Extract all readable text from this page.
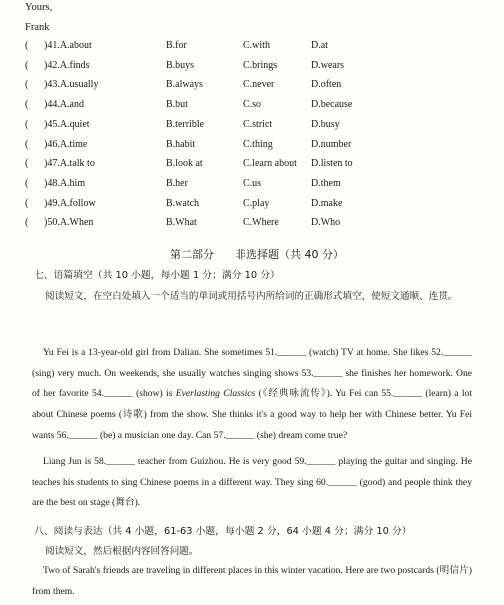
Yours,
Frank
( )41.A.about	B.for	C.with	D.at
( )42.A.finds	B.buys	C.brings	D.wears
( )43.A.usually	B.always	C.never	D.often
( )44.A.and	B.but	C.so	D.because
( )45.A.quiet	B.terrible	C.strict	D.busy
( )46.A.time	B.habit	C.thing	D.number
( )47.A.talk to	B.look at	C.learn about D.listen to
( )48.A.him	B.her	C.us	D.them
( )49.A.follow	B.watch	C.play	D.make
( )50.A.When	B.What	C.Where	D.Who
第二部分 非选择题（共 40 分）
七、语篇填空（共 10 小题，每小题 1 分；满分 10 分）
阅读短文，在空白处填入一个适当的单词或用括号内所给词的正确形式填空，使短文通顺、连贯。
Yu Fei is a 13-year-old girl from Dalian. She sometimes 51.______ (watch) TV at home. She likes 52.______ (sing) very much. On weekends, she usually watches singing shows 53.______ she finishes her homework. One of her favorite 54.______ (show) is Everlasting Classics (《经典咏流传》). Yu Fei can 55.______ (learn) a lot about Chinese poems (诗歌) from the show. She thinks it's a good way to help her with Chinese better. Yu Fei wants 56.______ (be) a musician one day. Can 57.______ (she) dream come true?
Liang Jun is 58.______ teacher from Guizhou. He is very good 59.______ playing the guitar and singing. He teaches his students to sing Chinese poems in a different way. They sing 60.______ (good) and people think they are the best on stage (舞台).
八、阅读与表达（共 4 小题，61-63 小题，每小题 2 分，64 小题 4 分；满分 10 分）
阅读短文，然后根据内容回答问题。
Two of Sarah's friends are traveling in different places in this winter vacation. Here are two postcards (明信片) from them.
